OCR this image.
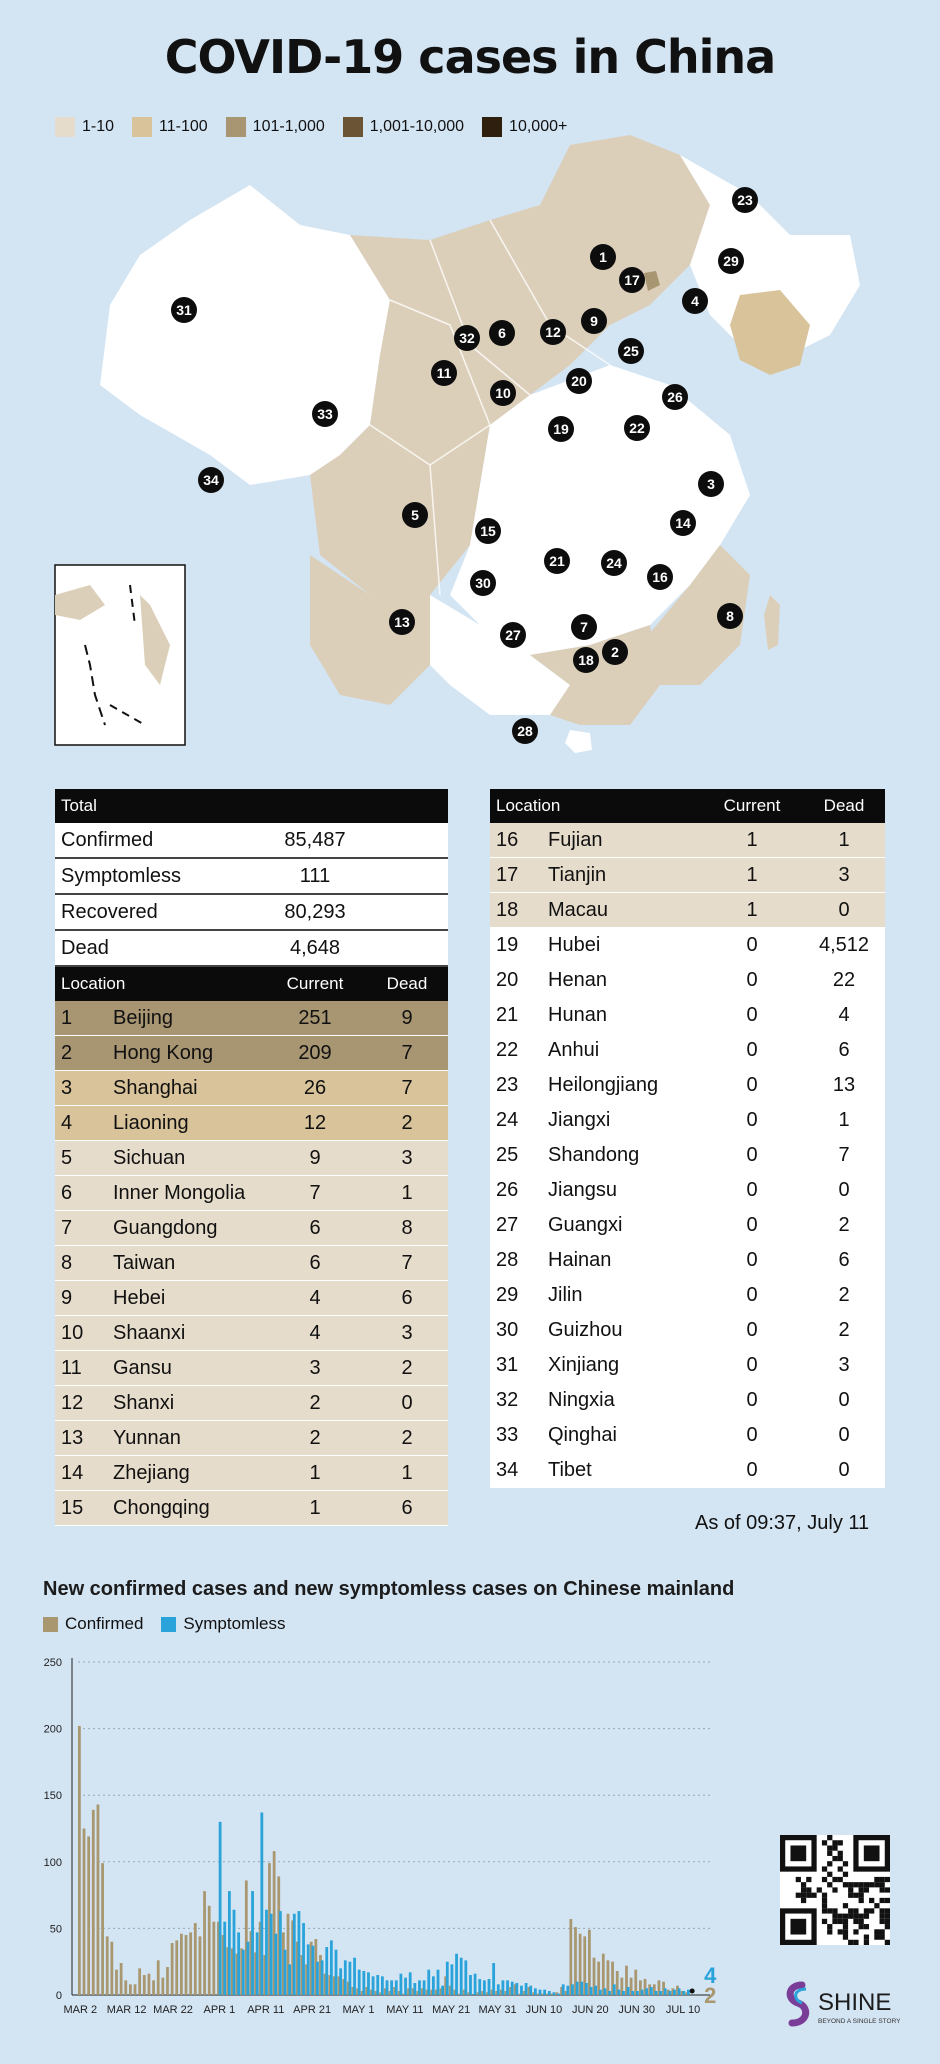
COVID-19 cases in China
1-10	11-100	101-1,000	1,001-10,000	10,000+
1
2
3
4
5
6
7
8
9
10
11
12
13
14
15
16
17
18
19
20
21
22
23
24
25
26
27
28
29
30
31
32
33
34
Total			
Confirmed		85,487	
Symptomless		111	
Recovered		80,293	
Dead		4,648	
Location		Current	Dead
1	Beijing	251	9
2	Hong Kong	209	7
3	Shanghai	26	7
4	Liaoning	12	2
5	Sichuan	9	3
6	Inner Mongolia	7	1
7	Guangdong	6	8
8	Taiwan	6	7
9	Hebei	4	6
10	Shaanxi	4	3
11	Gansu	3	2
12	Shanxi	2	0
13	Yunnan	2	2
14	Zhejiang	1	1
15	Chongqing	1	6
Location		Current	Dead
16	Fujian	1	1
17	Tianjin	1	3
18	Macau	1	0
19	Hubei	0	4,512
20	Henan	0	22
21	Hunan	0	4
22	Anhui	0	6
23	Heilongjiang	0	13
24	Jiangxi	0	1
25	Shandong	0	7
26	Jiangsu	0	0
27	Guangxi	0	2
28	Hainan	0	6
29	Jilin	0	2
30	Guizhou	0	2
31	Xinjiang	0	3
32	Ningxia	0	0
33	Qinghai	0	0
34	Tibet	0	0
As of 09:37, July 11
New confirmed cases and new symptomless cases on Chinese mainland
Confirmed Symptomless
0
50
100
150
200
250
MAR 2 MAR 12 MAR 22 APR 1 APR 11 APR 21 MAY 1 MAY 11 MAY 21 MAY 31 JUN 10 JUN 20 JUN 30 JUL 10
4
2	SHINE
BEYOND A SINGLE STORY
